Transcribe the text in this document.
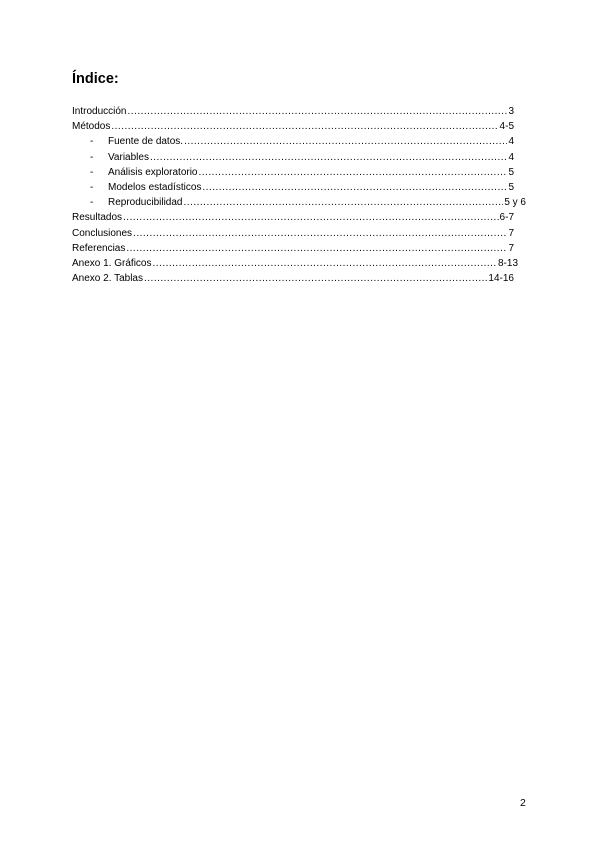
Índice:
Introducción .....	3
Métodos .....	4-5
-	Fuente de datos. .....	4
-	Variables .....	4
-	Análisis exploratorio .....	5
-	Modelos estadísticos .....	5
-	Reproducibilidad .....	5 y 6
Resultados .....	6-7
Conclusiones .....	7
Referencias .....	7
Anexo 1. Gráficos .....	8-13
Anexo 2. Tablas .....	14-16

2
